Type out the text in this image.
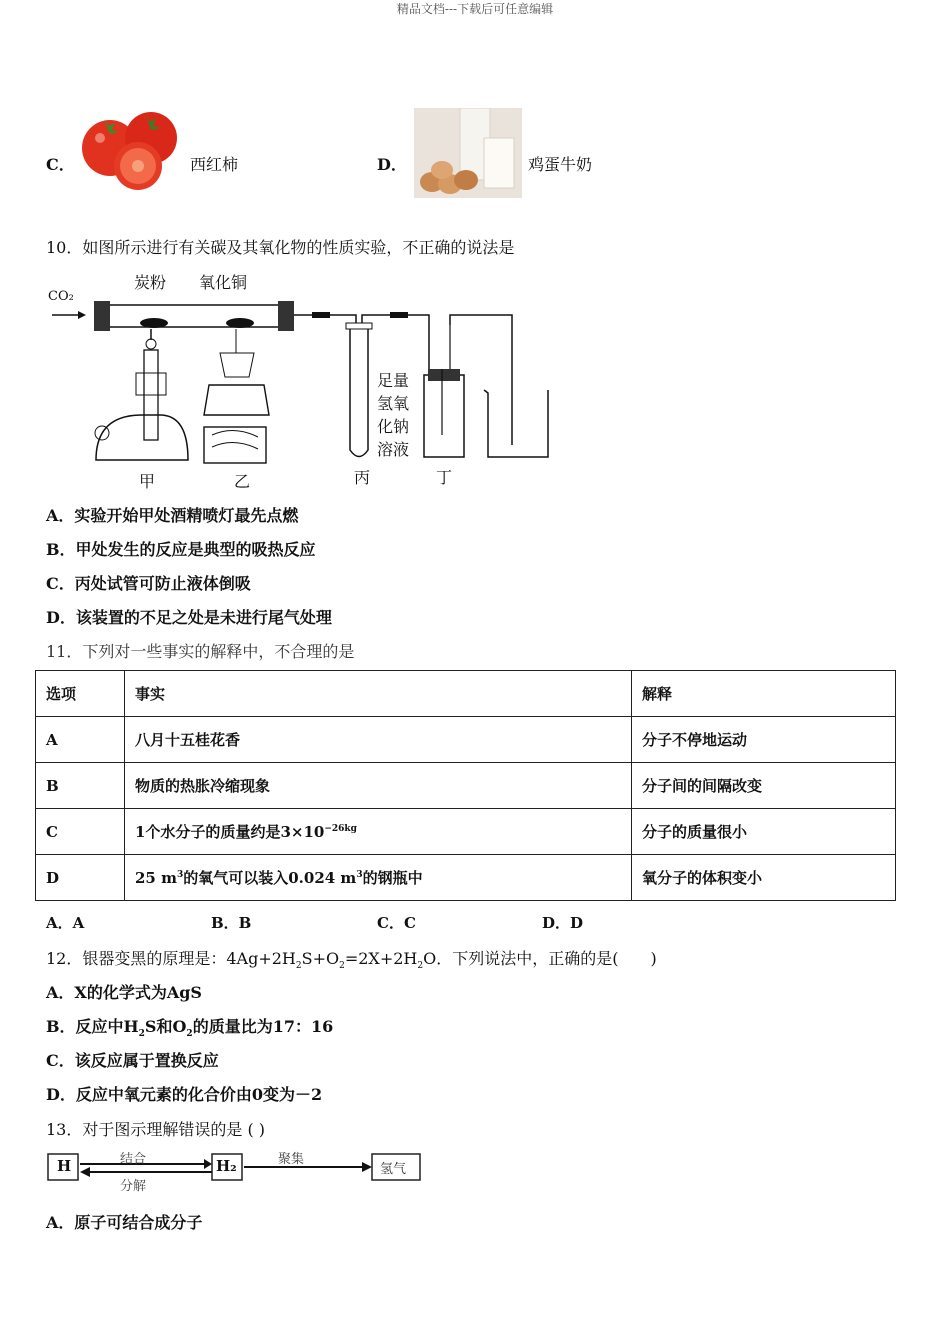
精品文档---下载后可任意编辑
C．	西红柿	D．	鸡蛋牛奶
10．如图所示进行有关碳及其氧化物的性质实验，不正确的说法是
CO₂
炭粉 氧化铜
足量
氢氧
化钠
溶液
甲	乙	丙	丁
A．实验开始甲处酒精喷灯最先点燃
B．甲处发生的反应是典型的吸热反应
C．丙处试管可防止液体倒吸
D．该装置的不足之处是未进行尾气处理
11．下列对一些事实的解释中，不合理的是
选项	事实	解释
A	八月十五桂花香	分子不停地运动
B	物质的热胀冷缩现象	分子间的间隔改变
C	1个水分子的质量约是$3\times 10^{-26kg}$	分子的质量很小
D	25 $m^3$的氧气可以装入0.024 $m^3$的钢瓶中	氧分子的体积变小
A．A	B．B	C．C	D．D
12．银器变黑的原理是：$4Ag+2H_2S+O_2=2X+2H_2O$．下列说法中，正确的是(　　)
A．X的化学式为AgS
B．反应中$H_2S$和$O_2$的质量比为17：16
C．该反应属于置换反应
D．反应中氧元素的化合价由0变为－2
13．对于图示理解错误的是 ( )
H	H₂
结合
分解
聚集
氢气
A．原子可结合成分子
